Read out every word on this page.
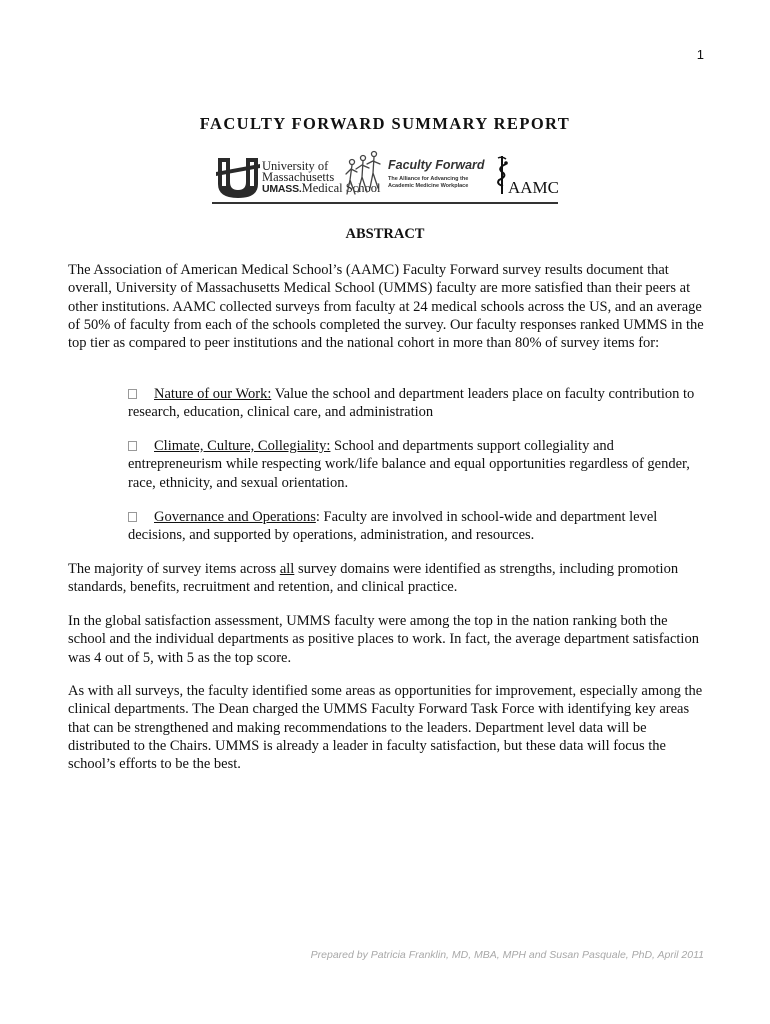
1
FACULTY FORWARD SUMMARY REPORT
University of
Massachusetts
UMASS.Medical School
Faculty Forward
The Alliance for Advancing the
Academic Medicine Workplace AAMC
ABSTRACT
The Association of American Medical School’s (AAMC) Faculty Forward survey results document that overall, University of Massachusetts Medical School (UMMS) faculty are more satisfied than their peers at other institutions. AAMC collected surveys from faculty at 24 medical schools across the US, and an average of 50% of faculty from each of the schools completed the survey. Our faculty responses ranked UMMS in the top tier as compared to peer institutions and the national cohort in more than 80% of survey items for:
Nature of our Work: Value the school and department leaders place on faculty contribution to research, education, clinical care, and administration
Climate, Culture, Collegiality: School and departments support collegiality and entrepreneurism while respecting work/life balance and equal opportunities regardless of gender, race, ethnicity, and sexual orientation.
Governance and Operations: Faculty are involved in school-wide and department level decisions, and supported by operations, administration, and resources.
The majority of survey items across all survey domains were identified as strengths, including promotion standards, benefits, recruitment and retention, and clinical practice.
In the global satisfaction assessment, UMMS faculty were among the top in the nation ranking both the school and the individual departments as positive places to work. In fact, the average department satisfaction was 4 out of 5, with 5 as the top score.
As with all surveys, the faculty identified some areas as opportunities for improvement, especially among the clinical departments. The Dean charged the UMMS Faculty Forward Task Force with identifying key areas that can be strengthened and making recommendations to the leaders. Department level data will be distributed to the Chairs. UMMS is already a leader in faculty satisfaction, but these data will focus the school’s efforts to be the best.
Prepared by Patricia Franklin, MD, MBA, MPH and Susan Pasquale, PhD, April 2011
